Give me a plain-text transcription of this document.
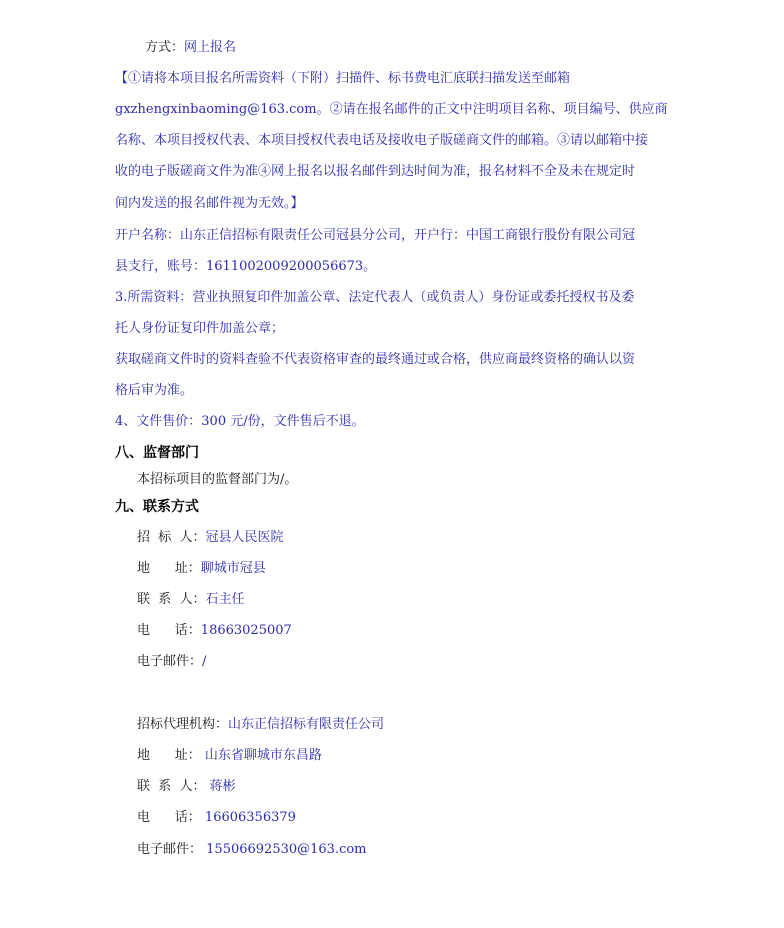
方式：网上报名
【①请将本项目报名所需资料（下附）扫描件、标书费电汇底联扫描发送至邮箱
gxzhengxinbaoming@163.com。②请在报名邮件的正文中注明项目名称、项目编号、供应商
名称、本项目授权代表、本项目授权代表电话及接收电子版磋商文件的邮箱。③请以邮箱中接
收的电子版磋商文件为准④网上报名以报名邮件到达时间为准，报名材料不全及未在规定时
间内发送的报名邮件视为无效。】
开户名称：山东正信招标有限责任公司冠县分公司，开户行：中国工商银行股份有限公司冠
县支行，账号：1611002009200056673。
3.所需资料：营业执照复印件加盖公章、法定代表人（或负责人）身份证或委托授权书及委
托人身份证复印件加盖公章；
获取磋商文件时的资料查验不代表资格审查的最终通过或合格，供应商最终资格的确认以资
格后审为准。
4、文件售价：300 元/份，文件售后不退。
八、监督部门
本招标项目的监督部门为/。
九、联系方式
招  标  人：冠县人民医院
地      址：聊城市冠县
联  系  人：石主任
电      话：18663025007
电子邮件：/
招标代理机构：山东正信招标有限责任公司
地      址： 山东省聊城市东昌路
联  系  人： 蒋彬
电      话： 16606356379
电子邮件： 15506692530@163.com
